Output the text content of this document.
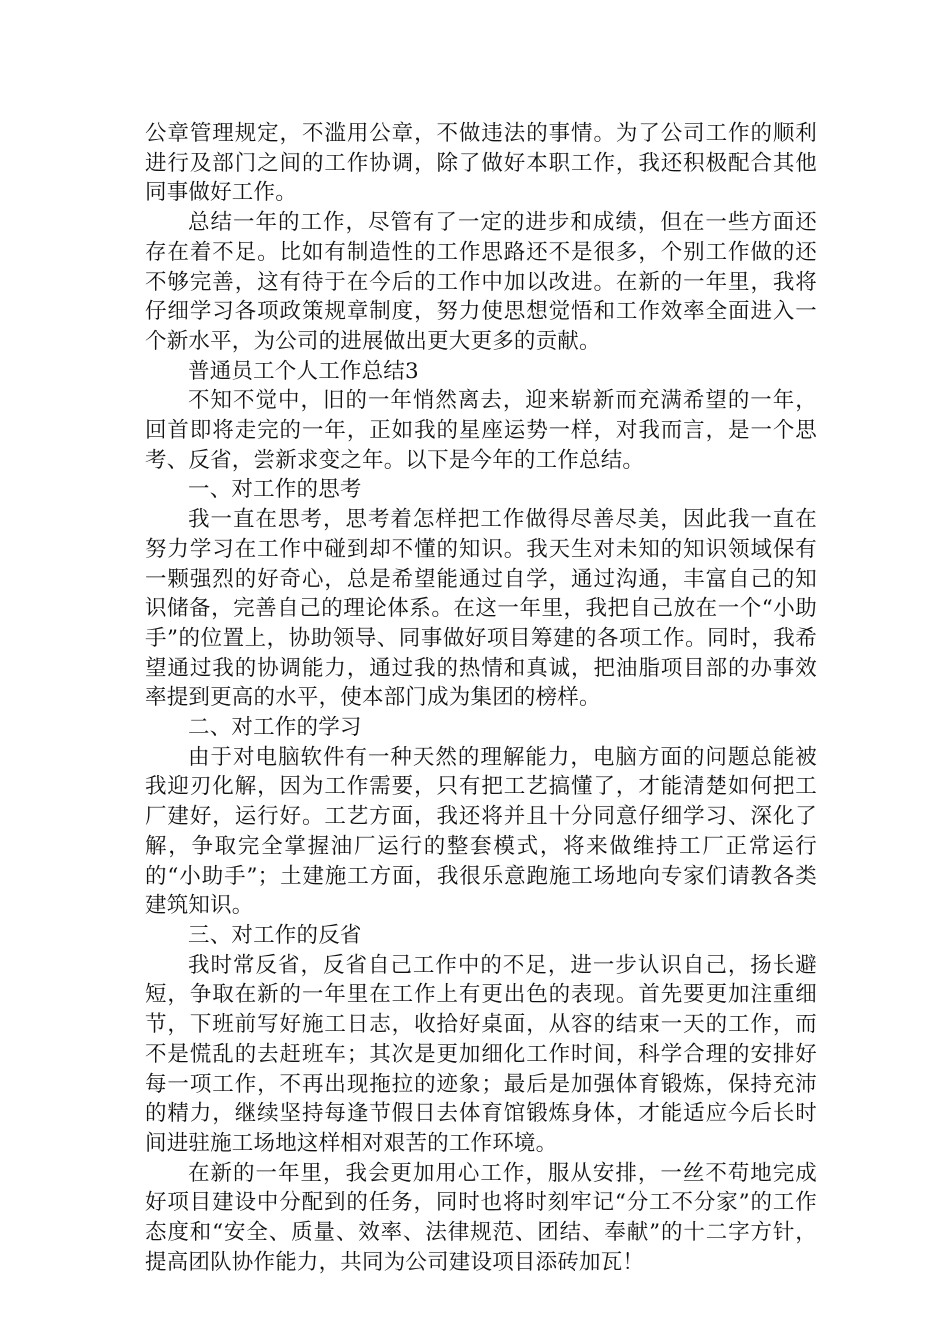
公章管理规定，不滥用公章，不做违法的事情。为了公司工作的顺利进行及部门之间的工作协调，除了做好本职工作，我还积极配合其他同事做好工作。

总结一年的工作，尽管有了一定的进步和成绩，但在一些方面还存在着不足。比如有制造性的工作思路还不是很多，个别工作做的还不够完善，这有待于在今后的工作中加以改进。在新的一年里，我将仔细学习各项政策规章制度，努力使思想觉悟和工作效率全面进入一个新水平，为公司的进展做出更大更多的贡献。

普通员工个人工作总结3

不知不觉中，旧的一年悄然离去，迎来崭新而充满希望的一年，回首即将走完的一年，正如我的星座运势一样，对我而言，是一个思考、反省，尝新求变之年。以下是今年的工作总结。

一、对工作的思考

我一直在思考，思考着怎样把工作做得尽善尽美，因此我一直在努力学习在工作中碰到却不懂的知识。我天生对未知的知识领域保有一颗强烈的好奇心，总是希望能通过自学，通过沟通，丰富自己的知识储备，完善自己的理论体系。在这一年里，我把自己放在一个“小助手”的位置上，协助领导、同事做好项目筹建的各项工作。同时，我希望通过我的协调能力，通过我的热情和真诚，把油脂项目部的办事效率提到更高的水平，使本部门成为集团的榜样。

二、对工作的学习

由于对电脑软件有一种天然的理解能力，电脑方面的问题总能被我迎刃化解，因为工作需要，只有把工艺搞懂了，才能清楚如何把工厂建好，运行好。工艺方面，我还将并且十分同意仔细学习、深化了解，争取完全掌握油厂运行的整套模式，将来做维持工厂正常运行的“小助手”；土建施工方面，我很乐意跑施工场地向专家们请教各类建筑知识。

三、对工作的反省

我时常反省，反省自己工作中的不足，进一步认识自己，扬长避短，争取在新的一年里在工作上有更出色的表现。首先要更加注重细节，下班前写好施工日志，收拾好桌面，从容的结束一天的工作，而不是慌乱的去赶班车；其次是更加细化工作时间，科学合理的安排好每一项工作，不再出现拖拉的迹象；最后是加强体育锻炼，保持充沛的精力，继续坚持每逢节假日去体育馆锻炼身体，才能适应今后长时间进驻施工场地这样相对艰苦的工作环境。

在新的一年里，我会更加用心工作，服从安排，一丝不苟地完成好项目建设中分配到的任务，同时也将时刻牢记“分工不分家”的工作态度和“安全、质量、效率、法律规范、团结、奉献”的十二字方针，提高团队协作能力，共同为公司建设项目添砖加瓦！
